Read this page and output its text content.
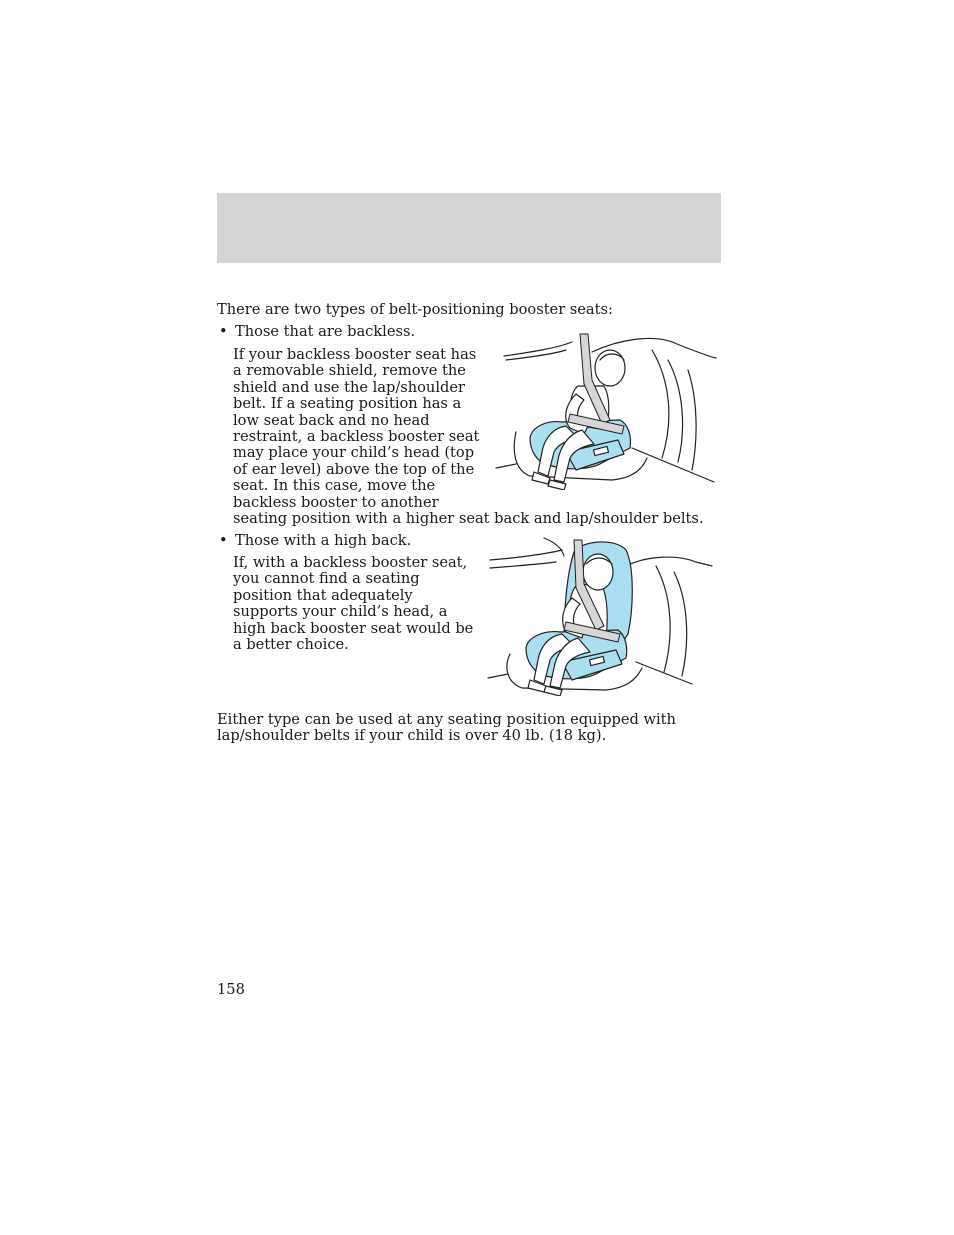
There are two types of belt-positioning booster seats:
• Those that are backless.
If your backless booster seat has a removable shield, remove the shield and use the lap/shoulder belt. If a seating position has a low seat back and no head restraint, a backless booster seat may place your child’s head (top of ear level) above the top of the seat. In this case, move the backless booster to another
seating position with a higher seat back and lap/shoulder belts.
• Those with a high back.
If, with a backless booster seat, you cannot find a seating position that adequately supports your child’s head, a high back booster seat would be a better choice.
Either type can be used at any seating position equipped with lap/shoulder belts if your child is over 40 lb. (18 kg).
158
